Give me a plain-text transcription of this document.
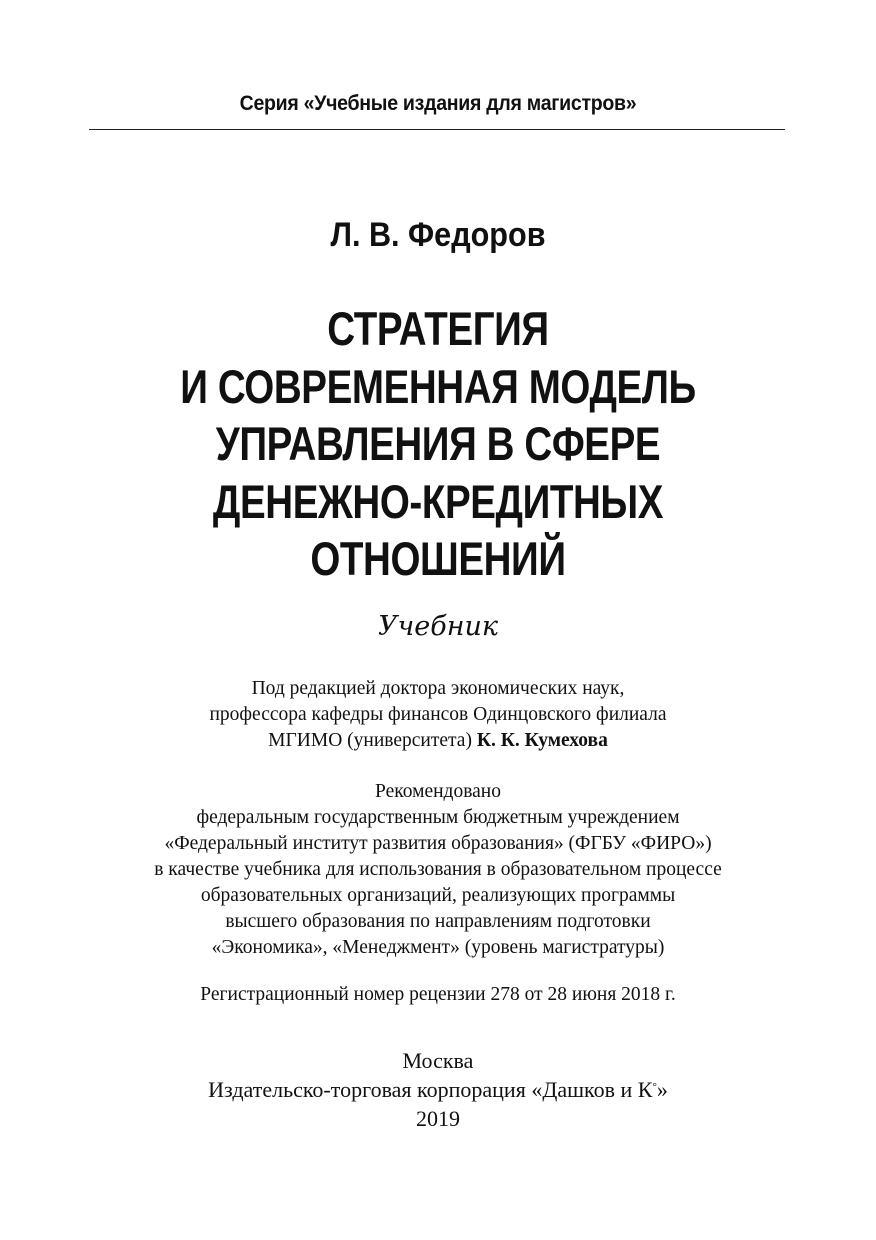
Серия «Учебные издания для магистров»
Л. В. Федоров
СТРАТЕГИЯ
И СОВРЕМЕННАЯ МОДЕЛЬ
УПРАВЛЕНИЯ В СФЕРЕ
ДЕНЕЖНО-КРЕДИТНЫХ
ОТНОШЕНИЙ
Учебник
Под редакцией доктора экономических наук,
профессора кафедры финансов Одинцовского филиала
МГИМО (университета) К. К. Кумехова
Рекомендовано
федеральным государственным бюджетным учреждением
«Федеральный институт развития образования» (ФГБУ «ФИРО»)
в качестве учебника для использования в образовательном процессе
образовательных организаций, реализующих программы
высшего образования по направлениям подготовки
«Экономика», «Менеджмент» (уровень магистратуры)
Регистрационный номер рецензии 278 от 28 июня 2018 г.
Москва
Издательско-торговая корпорация «Дашков и К°»
2019
